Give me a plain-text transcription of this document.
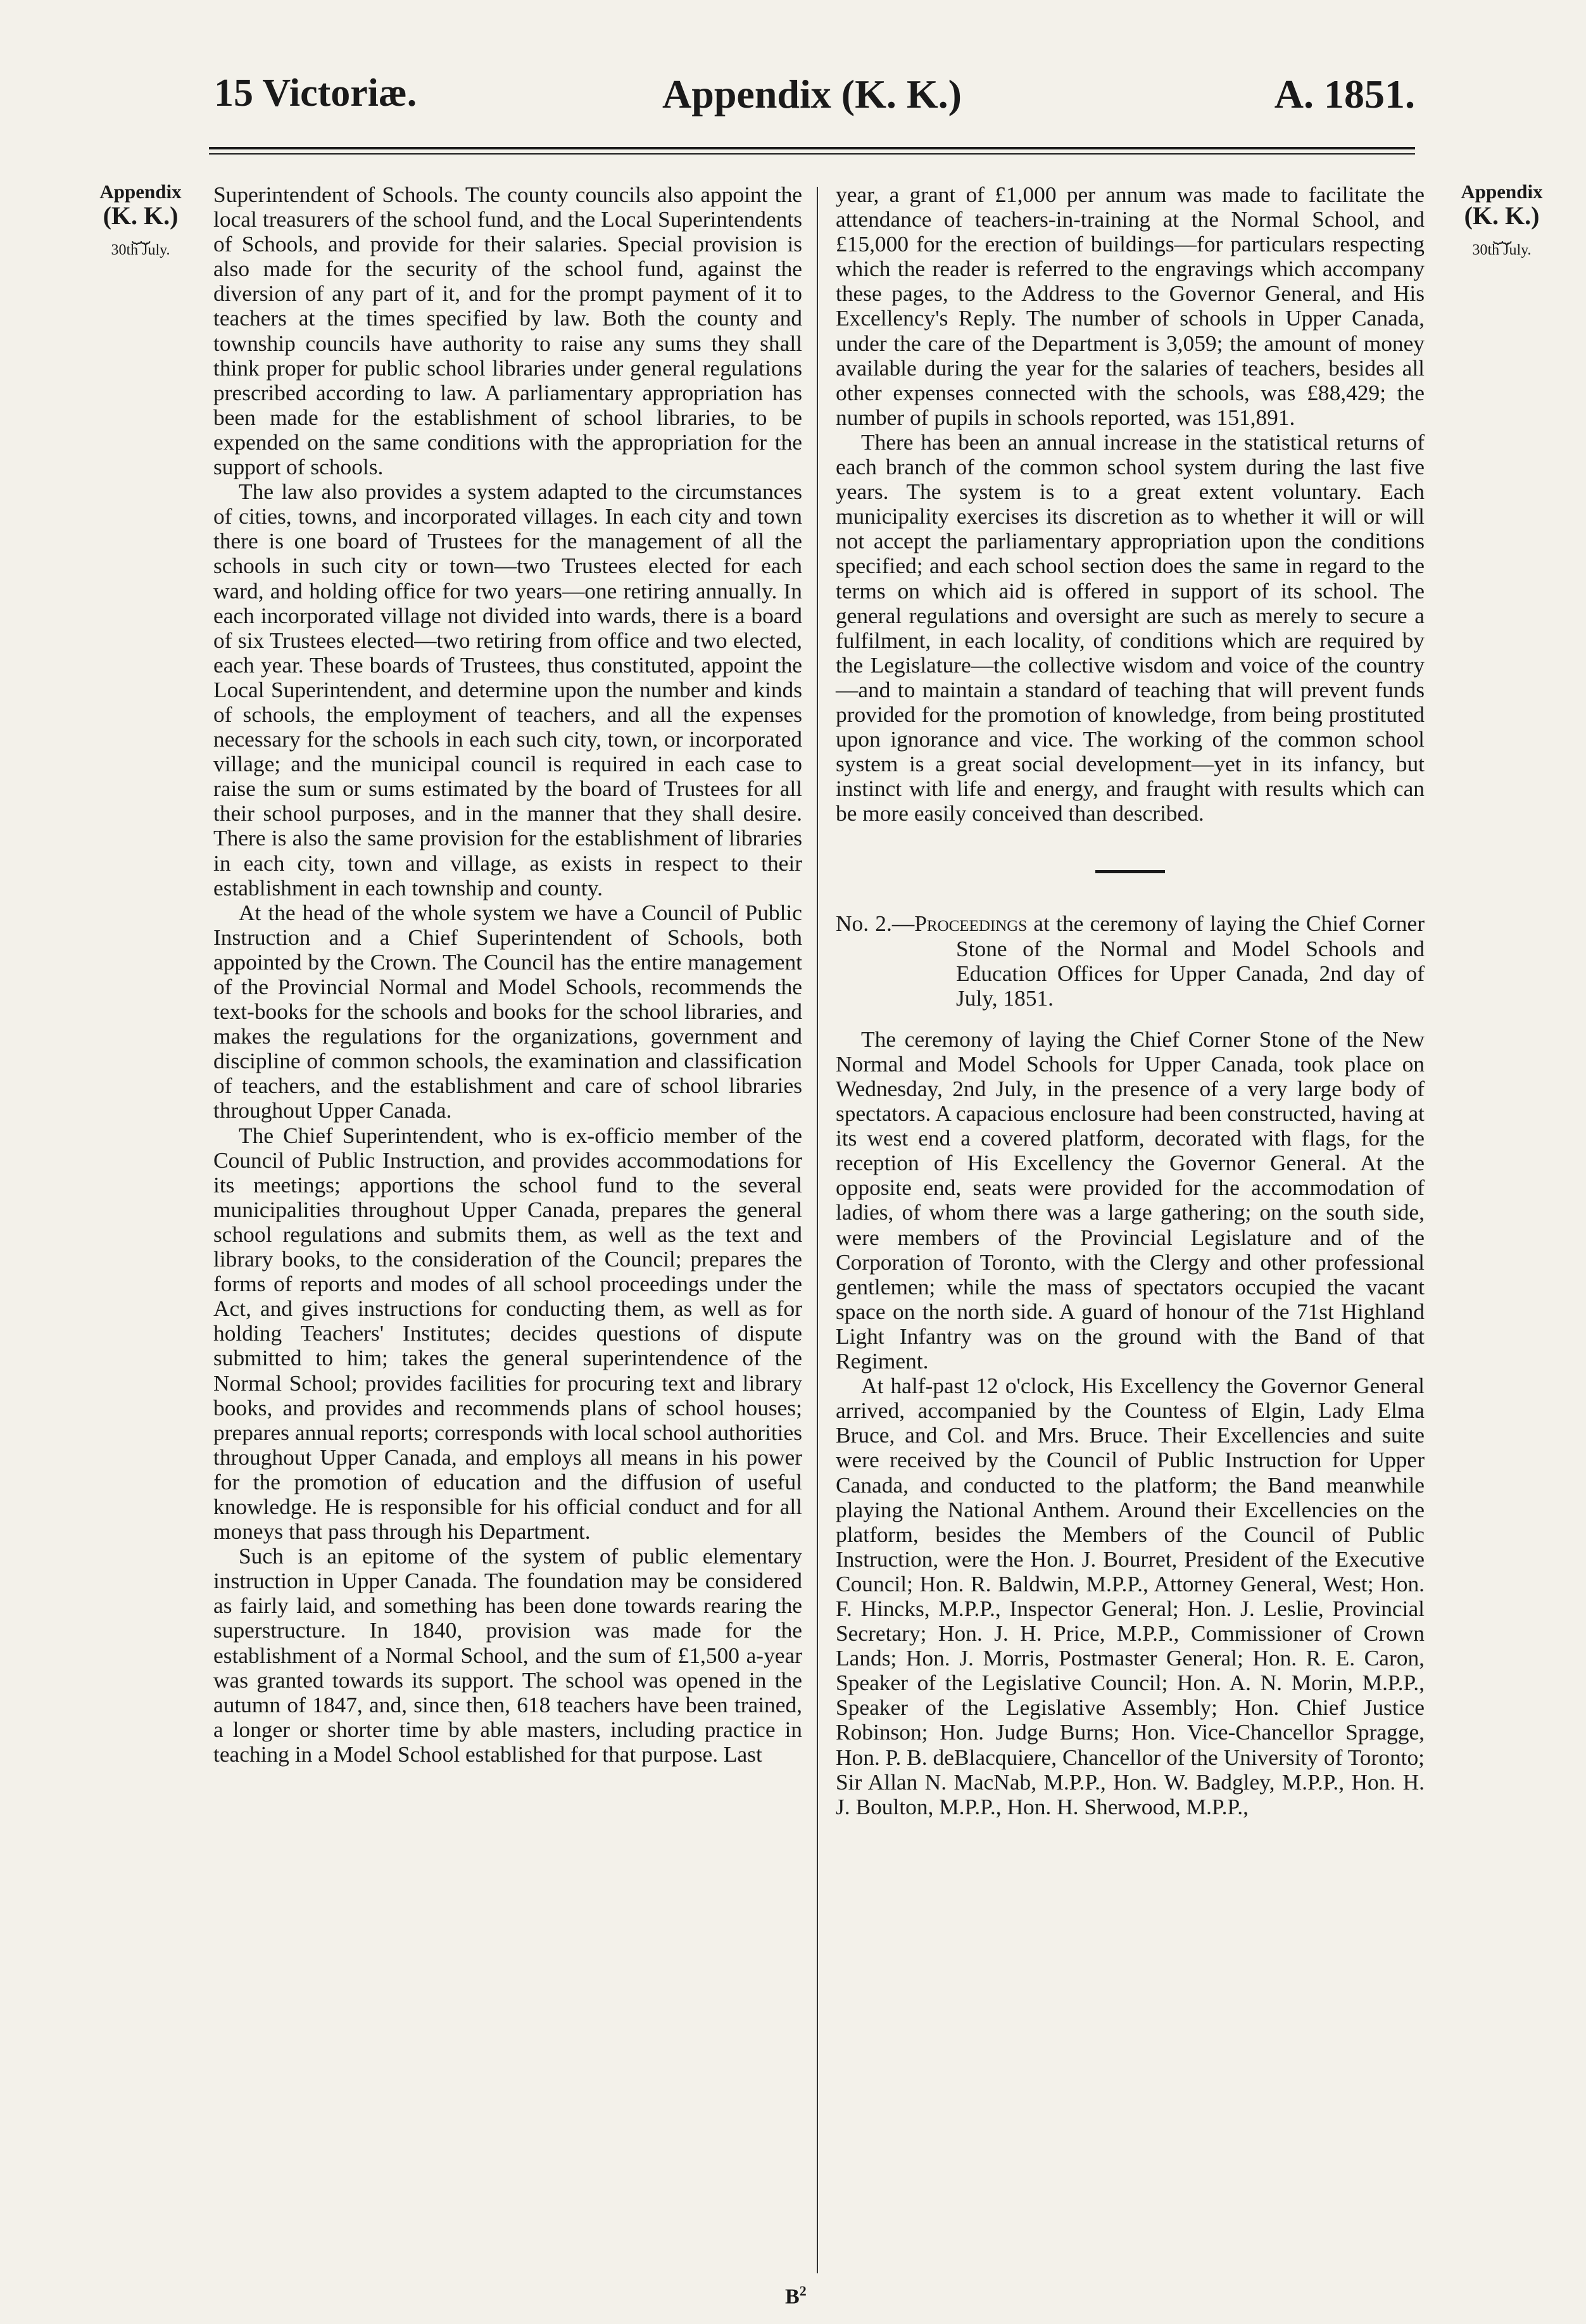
15 Victoriæ.	Appendix (K. K.)	A. 1851.
Appendix
(K. K.)
⏟⏟
30th July.
Appendix
(K. K.)
⏟⏟
30th July.

Superintendent of Schools. The county councils also appoint the local treasurers of the school fund, and the Local Superintendents of Schools, and provide for their salaries. Special provision is also made for the security of the school fund, against the diversion of any part of it, and for the prompt payment of it to teachers at the times specified by law. Both the county and township councils have authority to raise any sums they shall think proper for public school libraries under general regulations prescribed according to law. A parliamentary appropriation has been made for the establishment of school libraries, to be expended on the same conditions with the appropriation for the support of schools.

The law also provides a system adapted to the circumstances of cities, towns, and incorporated villages. In each city and town there is one board of Trustees for the management of all the schools in such city or town—two Trustees elected for each ward, and holding office for two years—one retiring annually. In each incorporated village not divided into wards, there is a board of six Trustees elected—two retiring from office and two elected, each year. These boards of Trustees, thus constituted, appoint the Local Superintendent, and determine upon the number and kinds of schools, the employment of teachers, and all the expenses necessary for the schools in each such city, town, or incorporated village; and the municipal council is required in each case to raise the sum or sums estimated by the board of Trustees for all their school purposes, and in the manner that they shall desire. There is also the same provision for the establishment of libraries in each city, town and village, as exists in respect to their establishment in each township and county.

At the head of the whole system we have a Council of Public Instruction and a Chief Superintendent of Schools, both appointed by the Crown. The Council has the entire management of the Provincial Normal and Model Schools, recommends the text-books for the schools and books for the school libraries, and makes the regulations for the organizations, government and discipline of common schools, the examination and classification of teachers, and the establishment and care of school libraries throughout Upper Canada.

The Chief Superintendent, who is ex-officio member of the Council of Public Instruction, and provides accommodations for its meetings; apportions the school fund to the several municipalities throughout Upper Canada, prepares the general school regulations and submits them, as well as the text and library books, to the consideration of the Council; prepares the forms of reports and modes of all school proceedings under the Act, and gives instructions for conducting them, as well as for holding Teachers' Institutes; decides questions of dispute submitted to him; takes the general superintendence of the Normal School; provides facilities for procuring text and library books, and provides and recommends plans of school houses; prepares annual reports; corresponds with local school authorities throughout Upper Canada, and employs all means in his power for the promotion of education and the diffusion of useful knowledge. He is responsible for his official conduct and for all moneys that pass through his Department.

Such is an epitome of the system of public elementary instruction in Upper Canada. The foundation may be considered as fairly laid, and something has been done towards rearing the superstructure. In 1840, provision was made for the establishment of a Normal School, and the sum of £1,500 a-year was granted towards its support. The school was opened in the autumn of 1847, and, since then, 618 teachers have been trained, a longer or shorter time by able masters, including practice in teaching in a Model School established for that purpose. Last

year, a grant of £1,000 per annum was made to facilitate the attendance of teachers-in-training at the Normal School, and £15,000 for the erection of buildings—for particulars respecting which the reader is referred to the engravings which accompany these pages, to the Address to the Governor General, and His Excellency's Reply. The number of schools in Upper Canada, under the care of the Department is 3,059; the amount of money available during the year for the salaries of teachers, besides all other expenses connected with the schools, was £88,429; the number of pupils in schools reported, was 151,891.

There has been an annual increase in the statistical returns of each branch of the common school system during the last five years. The system is to a great extent voluntary. Each municipality exercises its discretion as to whether it will or will not accept the parliamentary appropriation upon the conditions specified; and each school section does the same in regard to the terms on which aid is offered in support of its school. The general regulations and oversight are such as merely to secure a fulfilment, in each locality, of conditions which are required by the Legislature—the collective wisdom and voice of the country—and to maintain a standard of teaching that will prevent funds provided for the promotion of knowledge, from being prostituted upon ignorance and vice. The working of the common school system is a great social development—yet in its infancy, but instinct with life and energy, and fraught with results which can be more easily conceived than described.

No. 2.—Proceedings at the ceremony of laying the Chief Corner Stone of the Normal and Model Schools and Education Offices for Upper Canada, 2nd day of July, 1851.

The ceremony of laying the Chief Corner Stone of the New Normal and Model Schools for Upper Canada, took place on Wednesday, 2nd July, in the presence of a very large body of spectators. A capacious enclosure had been constructed, having at its west end a covered platform, decorated with flags, for the reception of His Excellency the Governor General. At the opposite end, seats were provided for the accommodation of ladies, of whom there was a large gathering; on the south side, were members of the Provincial Legislature and of the Corporation of Toronto, with the Clergy and other professional gentlemen; while the mass of spectators occupied the vacant space on the north side. A guard of honour of the 71st Highland Light Infantry was on the ground with the Band of that Regiment.

At half-past 12 o'clock, His Excellency the Governor General arrived, accompanied by the Countess of Elgin, Lady Elma Bruce, and Col. and Mrs. Bruce. Their Excellencies and suite were received by the Council of Public Instruction for Upper Canada, and conducted to the platform; the Band meanwhile playing the National Anthem. Around their Excellencies on the platform, besides the Members of the Council of Public Instruction, were the Hon. J. Bourret, President of the Executive Council; Hon. R. Baldwin, M.P.P., Attorney General, West; Hon. F. Hincks, M.P.P., Inspector General; Hon. J. Leslie, Provincial Secretary; Hon. J. H. Price, M.P.P., Commissioner of Crown Lands; Hon. J. Morris, Postmaster General; Hon. R. E. Caron, Speaker of the Legislative Council; Hon. A. N. Morin, M.P.P., Speaker of the Legislative Assembly; Hon. Chief Justice Robinson; Hon. Judge Burns; Hon. Vice-Chancellor Spragge, Hon. P. B. deBlacquiere, Chancellor of the University of Toronto; Sir Allan N. MacNab, M.P.P., Hon. W. Badgley, M.P.P., Hon. H. J. Boulton, M.P.P., Hon. H. Sherwood, M.P.P.,

$B^2$
